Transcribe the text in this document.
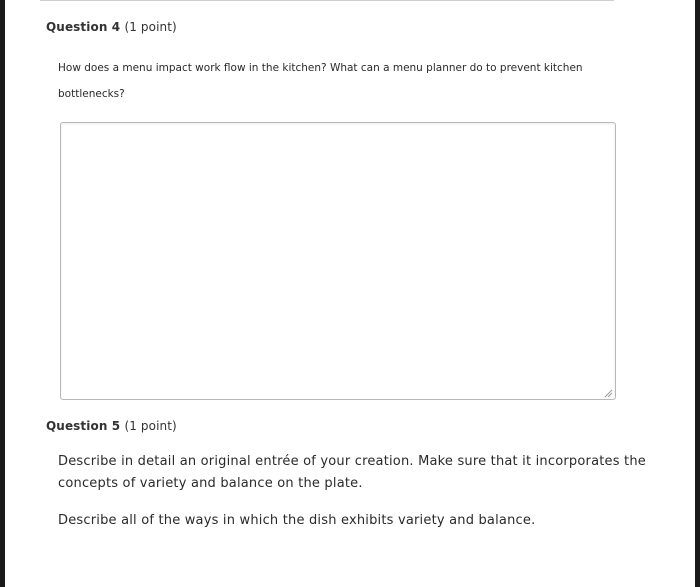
Question 4 (1 point)
How does a menu impact work flow in the kitchen? What can a menu planner do to prevent kitchen
bottlenecks?
Question 5 (1 point)

Describe in detail an original entrée of your creation. Make sure that it incorporates the concepts of variety and balance on the plate.

Describe all of the ways in which the dish exhibits variety and balance.
